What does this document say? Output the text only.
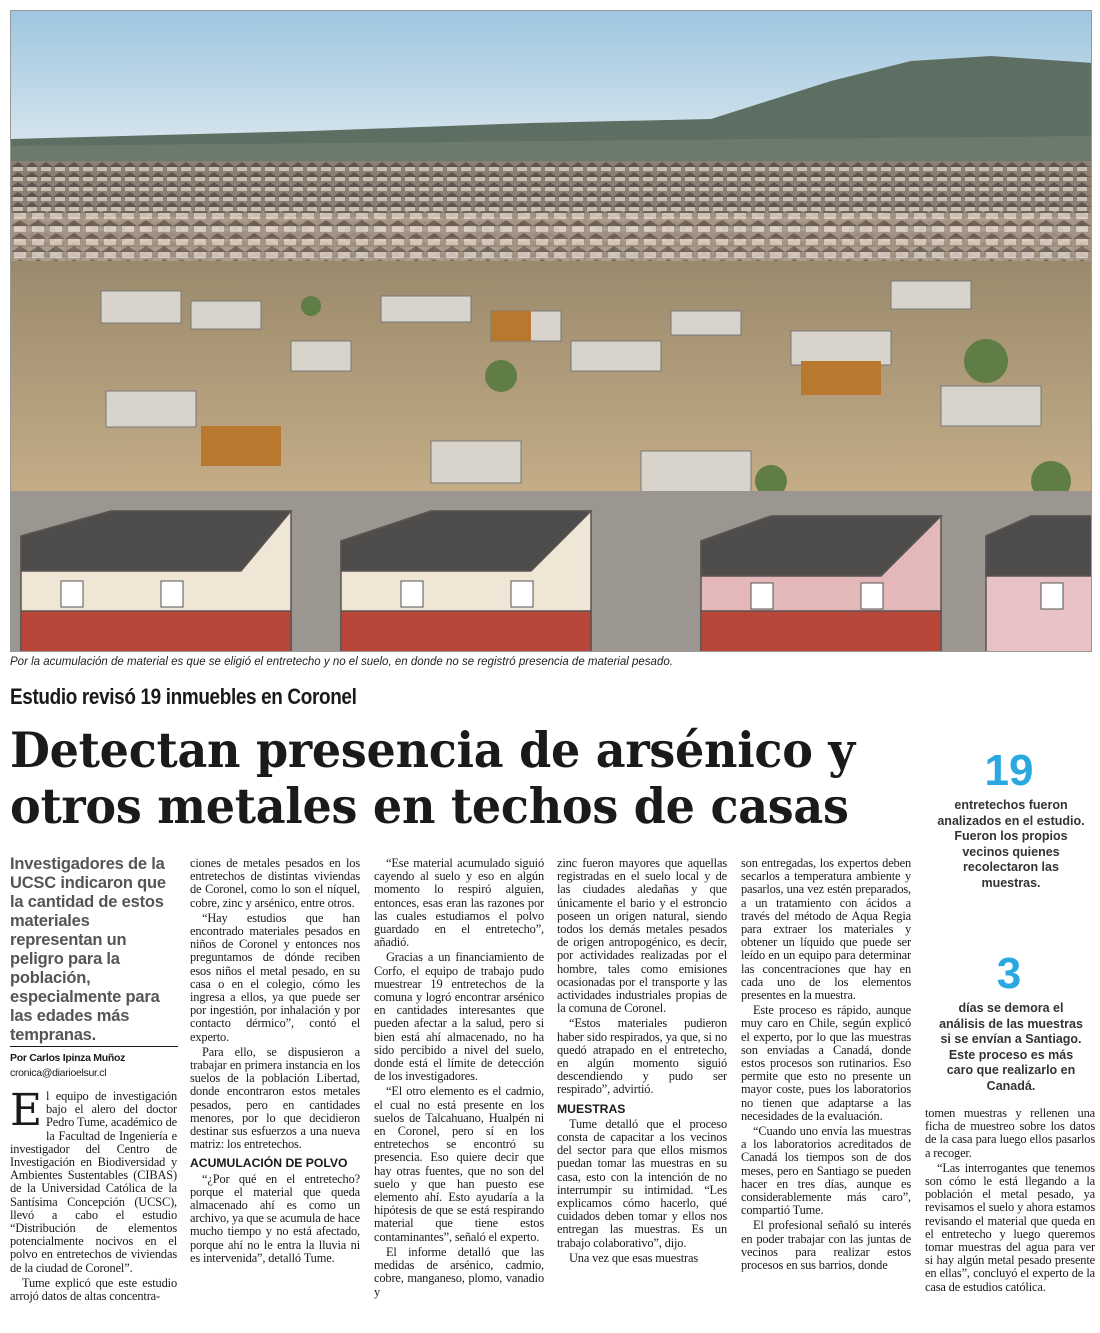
Por la acumulación de material es que se eligió el entretecho y no el suelo, en donde no se registró presencia de material pesado.
Estudio revisó 19 inmuebles en Coronel
Detectan presencia de arsénico y
otros metales en techos de casas
19
entretechos fueron analizados en el estudio. Fueron los propios vecinos quienes recolectaron las muestras.
3
días se demora el análisis de las muestras si se envían a Santiago. Este proceso es más caro que realizarlo en Canadá.
Investigadores de la UCSC indicaron que la cantidad de estos materiales representan un peligro para la población, especialmente para las edades más tempranas.
Por Carlos Ipinza Muñoz
cronica@diarioelsur.cl

El equipo de investigación bajo el alero del doctor Pedro Tume, académico de la Facultad de Ingeniería e investigador del Centro de Investigación en Biodiversidad y Ambientes Sustentables (CIBAS) de la Universidad Católica de la Santísima Concepción (UCSC), llevó a cabo el estudio “Distribución de elementos potencialmente nocivos en el polvo en entretechos de viviendas de la ciudad de Coronel”.

Tume explicó que este estudio arrojó datos de altas concentra-

ciones de metales pesados en los entretechos de distintas viviendas de Coronel, como lo son el níquel, cobre, zinc y arsénico, entre otros.

“Hay estudios que han encontrado materiales pesados en niños de Coronel y entonces nos preguntamos de dónde reciben esos niños el metal pesado, en su casa o en el colegio, cómo les ingresa a ellos, ya que puede ser por ingestión, por inhalación y por contacto dérmico”, contó el experto.

Para ello, se dispusieron a trabajar en primera instancia en los suelos de la población Libertad, donde encontraron estos metales pesados, pero en cantidades menores, por lo que decidieron destinar sus esfuerzos a una nueva matriz: los entretechos.

ACUMULACIÓN DE POLVO

“¿Por qué en el entretecho? porque el material que queda almacenado ahí es como un archivo, ya que se acumula de hace mucho tiempo y no está afectado, porque ahí no le entra la lluvia ni es intervenida”, detalló Tume.

“Ese material acumulado siguió cayendo al suelo y eso en algún momento lo respiró alguien, entonces, esas eran las razones por las cuales estudiamos el polvo guardado en el entretecho”, añadió.

Gracias a un financiamiento de Corfo, el equipo de trabajo pudo muestrear 19 entretechos de la comuna y logró encontrar arsénico en cantidades interesantes que pueden afectar a la salud, pero si bien está ahí almacenado, no ha sido percibido a nivel del suelo, donde está el límite de detección de los investigadores.

“El otro elemento es el cadmio, el cual no está presente en los suelos de Talcahuano, Hualpén ni en Coronel, pero sí en los entretechos se encontró su presencia. Eso quiere decir que hay otras fuentes, que no son del suelo y que han puesto ese elemento ahí. Esto ayudaría a la hipótesis de que se está respirando material que tiene estos contaminantes”, señaló el experto.

El informe detalló que las medidas de arsénico, cadmio, cobre, manganeso, plomo, vanadio y

zinc fueron mayores que aquellas registradas en el suelo local y de las ciudades aledañas y que únicamente el bario y el estroncio poseen un origen natural, siendo todos los demás metales pesados de origen antropogénico, es decir, por actividades realizadas por el hombre, tales como emisiones ocasionadas por el transporte y las actividades industriales propias de la comuna de Coronel.

“Estos materiales pudieron haber sido respirados, ya que, si no quedó atrapado en el entretecho, en algún momento siguió descendiendo y pudo ser respirado”, advirtió.

MUESTRAS

Tume detalló que el proceso consta de capacitar a los vecinos del sector para que ellos mismos puedan tomar las muestras en su casa, esto con la intención de no interrumpir su intimidad. “Les explicamos cómo hacerlo, qué cuidados deben tomar y ellos nos entregan las muestras. Es un trabajo colaborativo”, dijo.

Una vez que esas muestras

son entregadas, los expertos deben secarlos a temperatura ambiente y pasarlos, una vez estén preparados, a un tratamiento con ácidos a través del método de Aqua Regia para extraer los materiales y obtener un líquido que puede ser leído en un equipo para determinar las concentraciones que hay en cada uno de los elementos presentes en la muestra.

Este proceso es rápido, aunque muy caro en Chile, según explicó el experto, por lo que las muestras son enviadas a Canadá, donde estos procesos son rutinarios. Eso permite que esto no presente un mayor coste, pues los laboratorios no tienen que adaptarse a las necesidades de la evaluación.

“Cuando uno envía las muestras a los laboratorios acreditados de Canadá los tiempos son de dos meses, pero en Santiago se pueden hacer en tres días, aunque es considerablemente más caro”, compartió Tume.

El profesional señaló su interés en poder trabajar con las juntas de vecinos para realizar estos procesos en sus barrios, donde

tomen muestras y rellenen una ficha de muestreo sobre los datos de la casa para luego ellos pasarlos a recoger.

“Las interrogantes que tenemos son cómo le está llegando a la población el metal pesado, ya revisamos el suelo y ahora estamos revisando el material que queda en el entretecho y luego queremos tomar muestras del agua para ver si hay algún metal pesado presente en ellas”, concluyó el experto de la casa de estudios católica.
